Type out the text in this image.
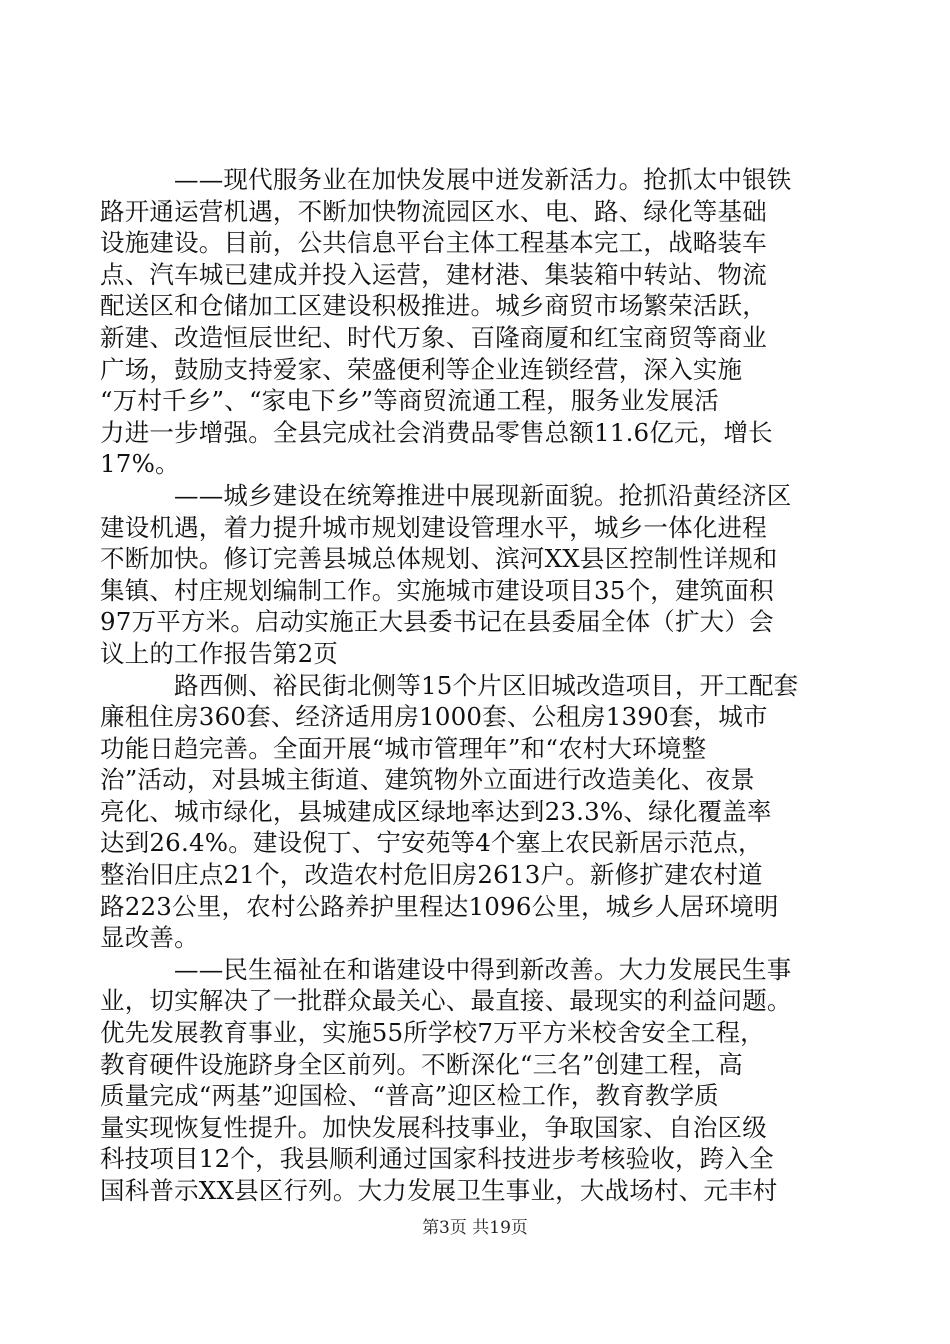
——现代服务业在加快发展中迸发新活力。抢抓太中银铁
路开通运营机遇，不断加快物流园区水、电、路、绿化等基础
设施建设。目前，公共信息平台主体工程基本完工，战略装车
点、汽车城已建成并投入运营，建材港、集装箱中转站、物流
配送区和仓储加工区建设积极推进。城乡商贸市场繁荣活跃，
新建、改造恒辰世纪、时代万象、百隆商厦和红宝商贸等商业
广场，鼓励支持爱家、荣盛便利等企业连锁经营，深入实施
“万村千乡”、“家电下乡”等商贸流通工程，服务业发展活
力进一步增强。全县完成社会消费品零售总额11.6亿元，增长
17%。
——城乡建设在统筹推进中展现新面貌。抢抓沿黄经济区
建设机遇，着力提升城市规划建设管理水平，城乡一体化进程
不断加快。修订完善县城总体规划、滨河XX县区控制性详规和
集镇、村庄规划编制工作。实施城市建设项目35个，建筑面积
97万平方米。启动实施正大县委书记在县委届全体（扩大）会
议上的工作报告第2页
路西侧、裕民街北侧等15个片区旧城改造项目，开工配套
廉租住房360套、经济适用房1000套、公租房1390套，城市
功能日趋完善。全面开展“城市管理年”和“农村大环境整
治”活动，对县城主街道、建筑物外立面进行改造美化、夜景
亮化、城市绿化，县城建成区绿地率达到23.3%、绿化覆盖率
达到26.4%。建设倪丁、宁安苑等4个塞上农民新居示范点，
整治旧庄点21个，改造农村危旧房2613户。新修扩建农村道
路223公里，农村公路养护里程达1096公里，城乡人居环境明
显改善。
——民生福祉在和谐建设中得到新改善。大力发展民生事
业，切实解决了一批群众最关心、最直接、最现实的利益问题。
优先发展教育事业，实施55所学校7万平方米校舍安全工程，
教育硬件设施跻身全区前列。不断深化“三名”创建工程，高
质量完成“两基”迎国检、“普高”迎区检工作，教育教学质
量实现恢复性提升。加快发展科技事业，争取国家、自治区级
科技项目12个，我县顺利通过国家科技进步考核验收，跨入全
国科普示XX县区行列。大力发展卫生事业，大战场村、元丰村
第3页 共19页
